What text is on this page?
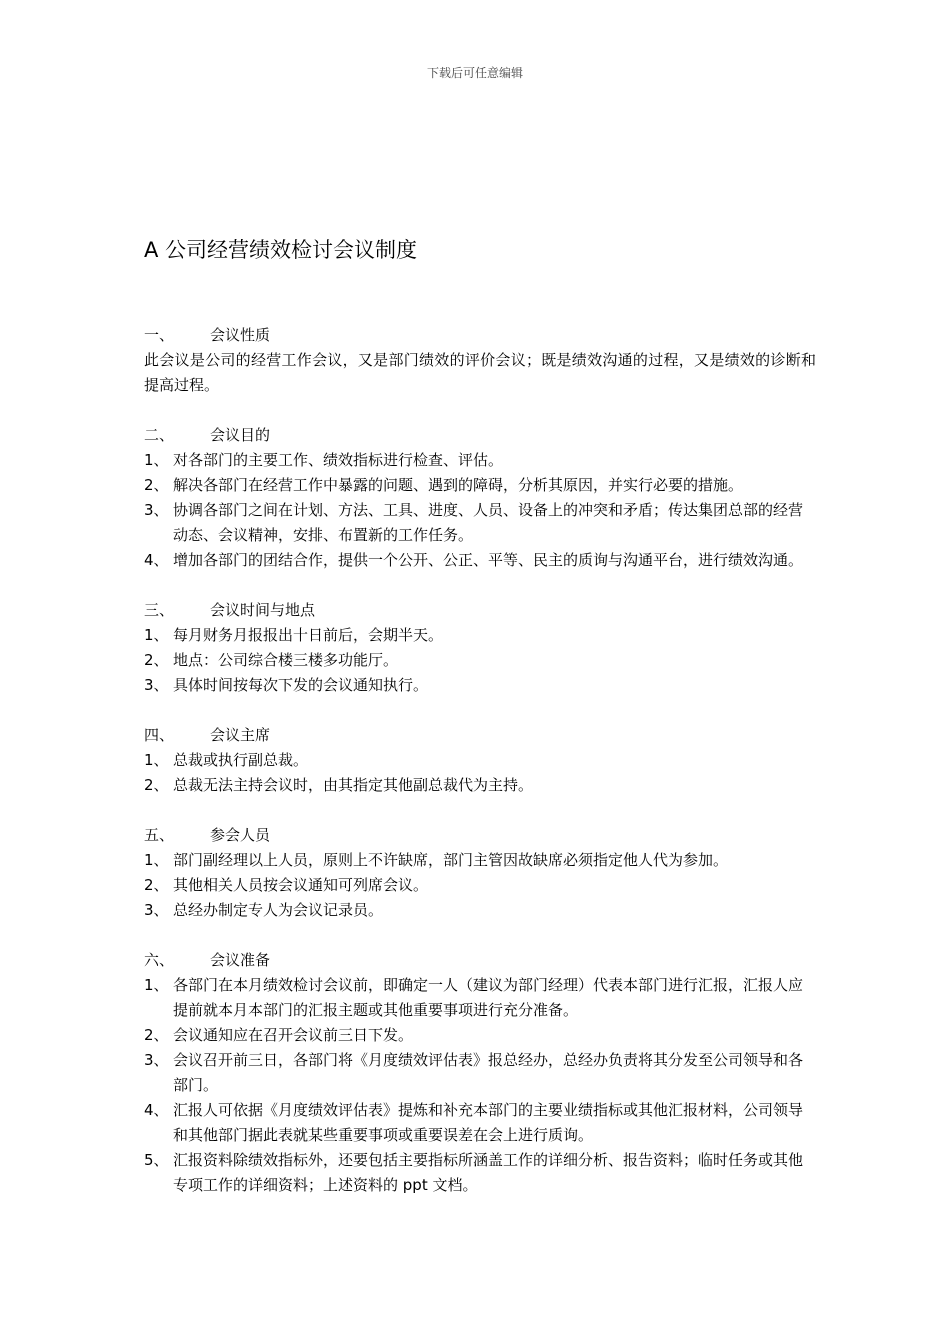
下载后可任意编辑
A 公司经营绩效检讨会议制度
一、	会议性质
此会议是公司的经营工作会议，又是部门绩效的评价会议；既是绩效沟通的过程，又是绩效的诊断和提高过程。
二、	会议目的
1、 对各部门的主要工作、绩效指标进行检查、评估。
2、 解决各部门在经营工作中暴露的问题、遇到的障碍，分析其原因，并实行必要的措施。
3、 协调各部门之间在计划、方法、工具、进度、人员、设备上的冲突和矛盾；传达集团总部的经营动态、会议精神，安排、布置新的工作任务。
4、 增加各部门的团结合作，提供一个公开、公正、平等、民主的质询与沟通平台，进行绩效沟通。
三、	会议时间与地点
1、 每月财务月报报出十日前后，会期半天。
2、 地点：公司综合楼三楼多功能厅。
3、 具体时间按每次下发的会议通知执行。
四、	会议主席
1、 总裁或执行副总裁。
2、 总裁无法主持会议时，由其指定其他副总裁代为主持。
五、	参会人员
1、 部门副经理以上人员，原则上不许缺席，部门主管因故缺席必须指定他人代为参加。
2、 其他相关人员按会议通知可列席会议。
3、 总经办制定专人为会议记录员。
六、	会议准备
1、 各部门在本月绩效检讨会议前，即确定一人（建议为部门经理）代表本部门进行汇报，汇报人应提前就本月本部门的汇报主题或其他重要事项进行充分准备。
2、 会议通知应在召开会议前三日下发。
3、 会议召开前三日，各部门将《月度绩效评估表》报总经办，总经办负责将其分发至公司领导和各部门。
4、 汇报人可依据《月度绩效评估表》提炼和补充本部门的主要业绩指标或其他汇报材料，公司领导和其他部门据此表就某些重要事项或重要误差在会上进行质询。
5、 汇报资料除绩效指标外，还要包括主要指标所涵盖工作的详细分析、报告资料；临时任务或其他专项工作的详细资料；上述资料的 ppt 文档。
